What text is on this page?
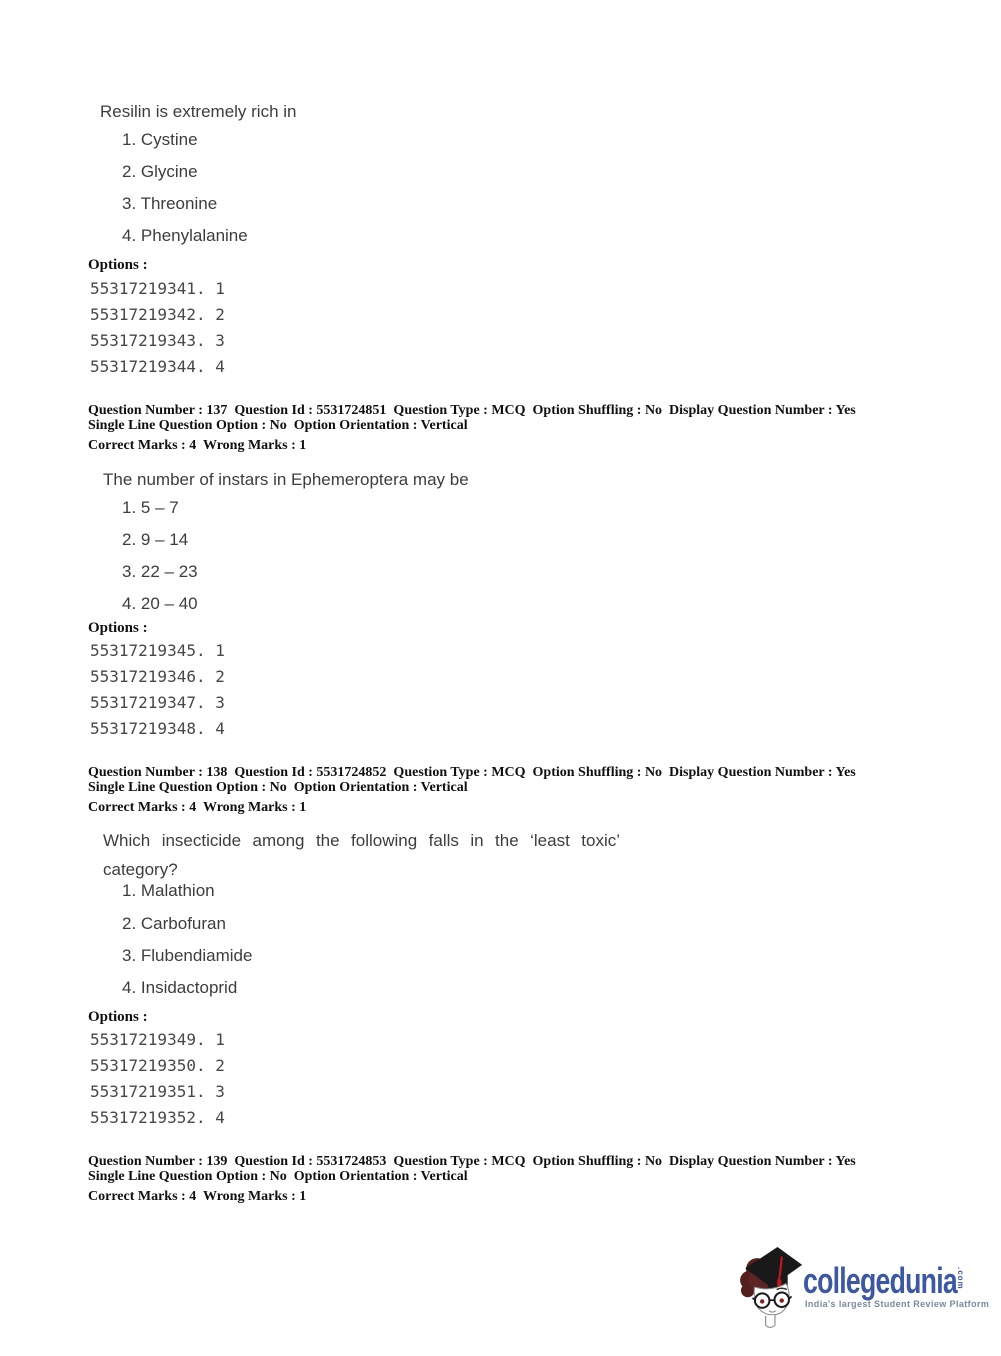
Resilin is extremely rich in
1. Cystine
2. Glycine
3. Threonine
4. Phenylalanine
Options :
55317219341. 1
55317219342. 2
55317219343. 3
55317219344. 4
Question Number : 137  Question Id : 5531724851  Question Type : MCQ  Option Shuffling : No  Display Question Number : Yes
Single Line Question Option : No  Option Orientation : Vertical
Correct Marks : 4  Wrong Marks : 1
The number of instars in Ephemeroptera may be
1. 5 – 7
2. 9 – 14
3. 22 – 23
4. 20 – 40
Options :
55317219345. 1
55317219346. 2
55317219347. 3
55317219348. 4
Question Number : 138  Question Id : 5531724852  Question Type : MCQ  Option Shuffling : No  Display Question Number : Yes
Single Line Question Option : No  Option Orientation : Vertical
Correct Marks : 4  Wrong Marks : 1
Which insecticide among the following falls in the ‘least toxic’ category?
1. Malathion
2. Carbofuran
3. Flubendiamide
4. Insidactoprid
Options :
55317219349. 1
55317219350. 2
55317219351. 3
55317219352. 4
Question Number : 139  Question Id : 5531724853  Question Type : MCQ  Option Shuffling : No  Display Question Number : Yes
Single Line Question Option : No  Option Orientation : Vertical
Correct Marks : 4  Wrong Marks : 1
collegedunia .com
India's largest Student Review Platform
